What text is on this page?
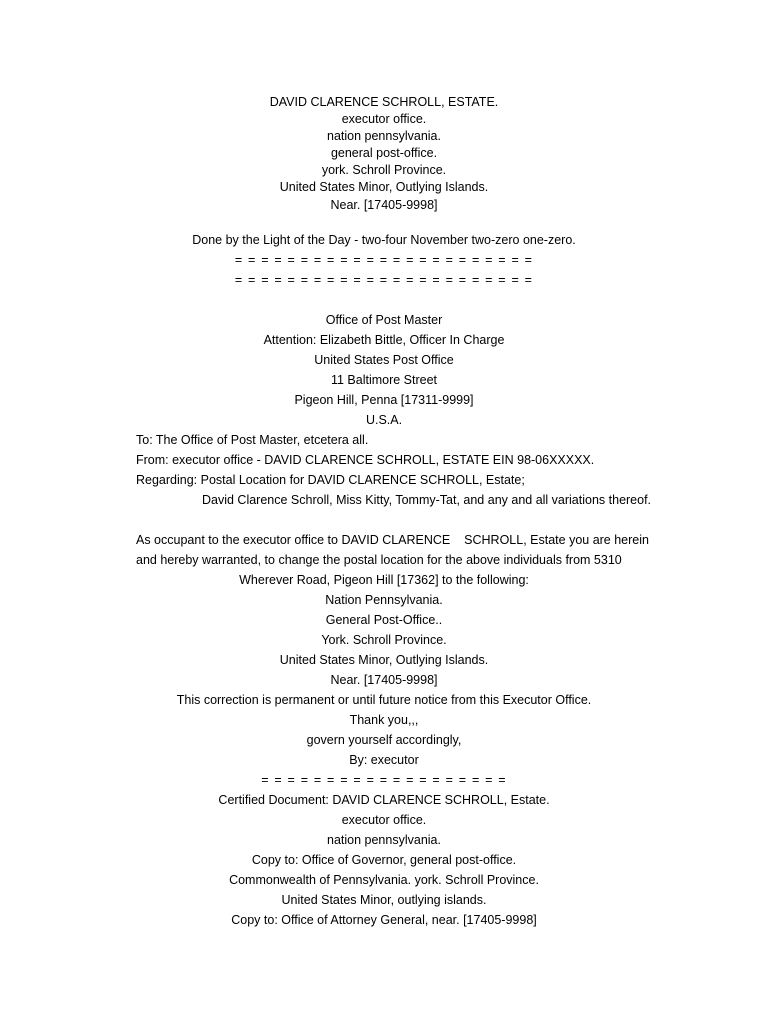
DAVID CLARENCE SCHROLL, ESTATE.
executor office.
nation pennsylvania.
general post-office.
york. Schroll Province.
United States Minor, Outlying Islands.
Near. [17405-9998]
Done by the Light of the Day - two-four November two-zero one-zero.
= = = = = = = = = = = = = = = = = = = = = = =
= = = = = = = = = = = = = = = = = = = = = = =
Office of Post Master
Attention: Elizabeth Bittle, Officer In Charge
United States Post Office
11 Baltimore Street
Pigeon Hill, Penna [17311-9999]
U.S.A.
To: The Office of Post Master, etcetera all.
From: executor office - DAVID CLARENCE SCHROLL, ESTATE EIN 98-06XXXXX.
Regarding: Postal Location for DAVID CLARENCE SCHROLL, Estate;
David Clarence Schroll, Miss Kitty, Tommy-Tat, and any and all variations thereof.
As occupant to the executor office to DAVID CLARENCE    SCHROLL, Estate you are herein
and hereby warranted, to change the postal location for the above individuals from 5310
Wherever Road, Pigeon Hill [17362] to the following:
Nation Pennsylvania.
General Post-Office..
York. Schroll Province.
United States Minor, Outlying Islands.
Near. [17405-9998]
This correction is permanent or until future notice from this Executor Office.
Thank you,,,
govern yourself accordingly,
By: executor
= = = = = = = = = = = = = = = = = = =
Certified Document: DAVID CLARENCE SCHROLL, Estate.
executor office.
nation pennsylvania.
Copy to: Office of Governor, general post-office.
Commonwealth of Pennsylvania. york. Schroll Province.
United States Minor, outlying islands.
Copy to: Office of Attorney General, near. [17405-9998]
